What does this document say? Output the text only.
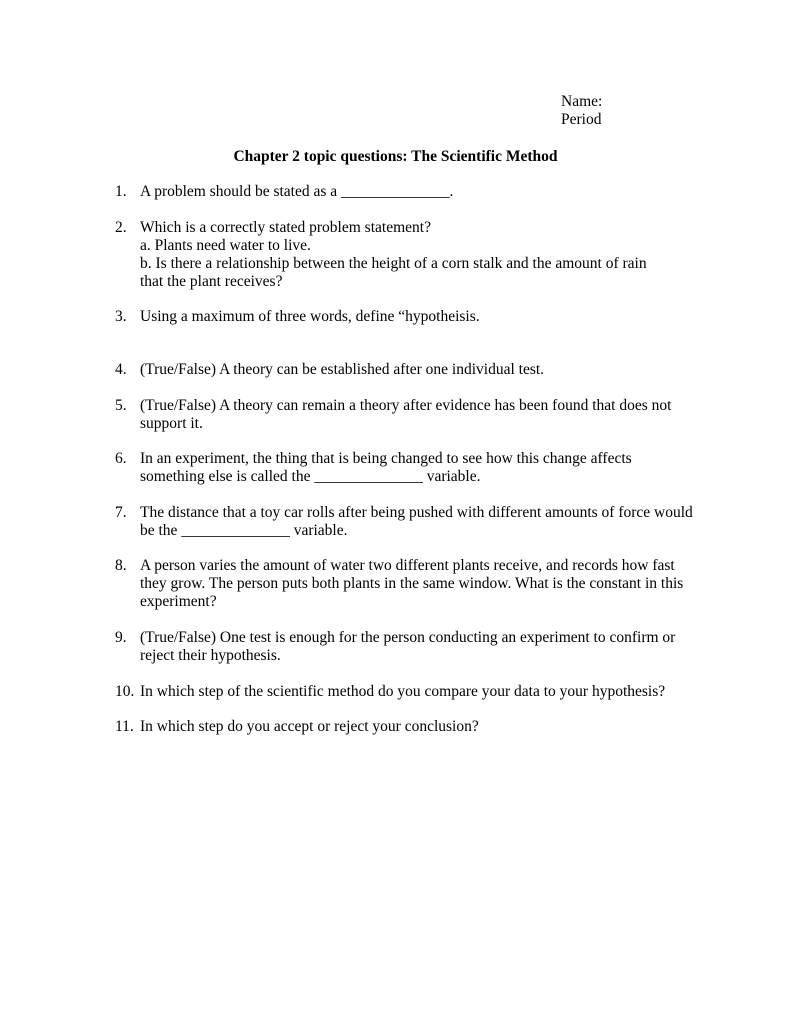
Name:
Period
Chapter 2 topic questions: The Scientific Method
1. A problem should be stated as a ______________.
2. Which is a correctly stated problem statement?
a. Plants need water to live.
b. Is there a relationship between the height of a corn stalk and the amount of rain
that the plant receives?
3. Using a maximum of three words, define “hypotheisis.
4. (True/False) A theory can be established after one individual test.
5. (True/False) A theory can remain a theory after evidence has been found that does not
support it.
6. In an experiment, the thing that is being changed to see how this change affects
something else is called the ______________ variable.
7. The distance that a toy car rolls after being pushed with different amounts of force would
be the ______________ variable.
8. A person varies the amount of water two different plants receive, and records how fast
they grow. The person puts both plants in the same window. What is the constant in this
experiment?
9. (True/False) One test is enough for the person conducting an experiment to confirm or
reject their hypothesis.
10. In which step of the scientific method do you compare your data to your hypothesis?
11. In which step do you accept or reject your conclusion?
